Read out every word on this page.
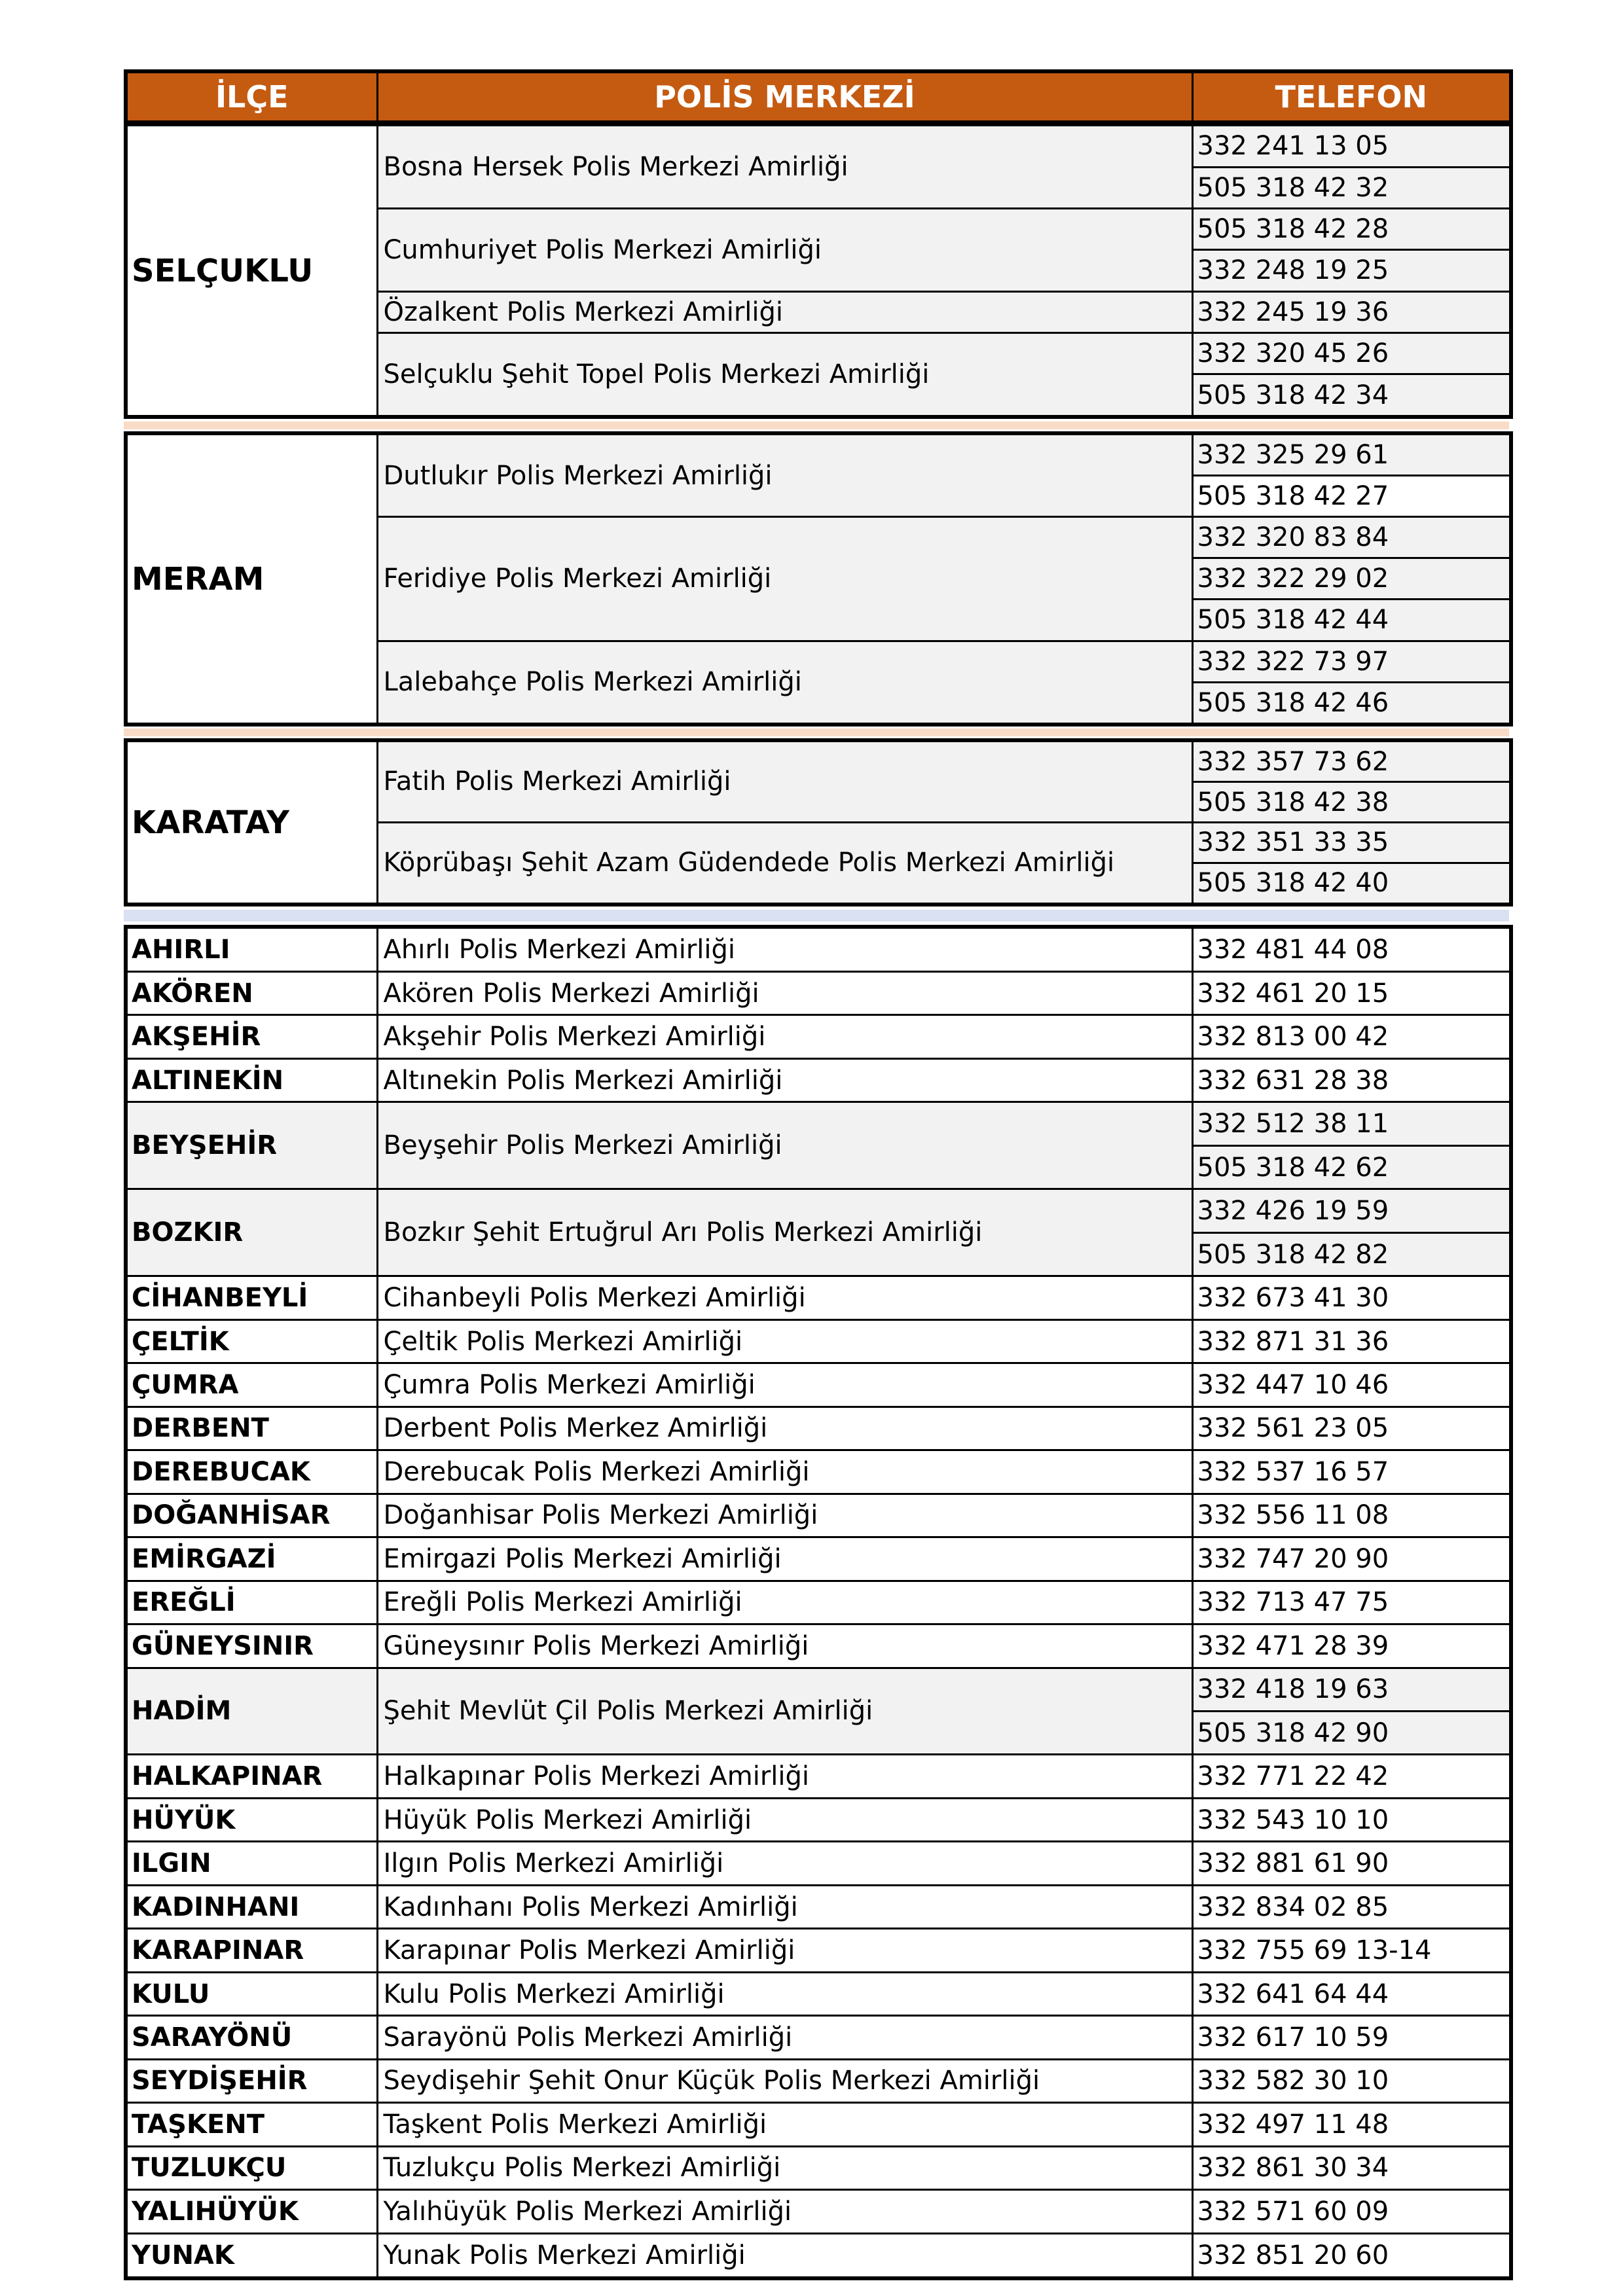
İLÇE	POLİS MERKEZİ	TELEFON
SELÇUKLU	Bosna Hersek Polis Merkezi Amirliği	332 241 13 05
		505 318 42 32
	Cumhuriyet Polis Merkezi Amirliği	505 318 42 28
		332 248 19 25
	Özalkent Polis Merkezi Amirliği	332 245 19 36
	Selçuklu Şehit Topel Polis Merkezi Amirliği	332 320 45 26
		505 318 42 34
MERAM	Dutlukır Polis Merkezi Amirliği	332 325 29 61
		505 318 42 27
	Feridiye Polis Merkezi Amirliği	332 320 83 84
		332 322 29 02
		505 318 42 44
	Lalebahçe Polis Merkezi Amirliği	332 322 73 97
		505 318 42 46
KARATAY	Fatih Polis Merkezi Amirliği	332 357 73 62
		505 318 42 38
	Köprübaşı Şehit Azam Güdendede Polis Merkezi Amirliği	332 351 33 35
		505 318 42 40
AHIRLI	Ahırlı Polis Merkezi Amirliği	332 481 44 08
AKÖREN	Akören Polis Merkezi Amirliği	332 461 20 15
AKŞEHİR	Akşehir Polis Merkezi Amirliği	332 813 00 42
ALTINEKİN	Altınekin Polis Merkezi Amirliği	332 631 28 38
BEYŞEHİR	Beyşehir Polis Merkezi Amirliği	332 512 38 11
		505 318 42 62
BOZKIR	Bozkır Şehit Ertuğrul Arı Polis Merkezi Amirliği	332 426 19 59
		505 318 42 82
CİHANBEYLİ	Cihanbeyli Polis Merkezi Amirliği	332 673 41 30
ÇELTİK	Çeltik Polis Merkezi Amirliği	332 871 31 36
ÇUMRA	Çumra Polis Merkezi Amirliği	332 447 10 46
DERBENT	Derbent Polis Merkez Amirliği	332 561 23 05
DEREBUCAK	Derebucak Polis Merkezi Amirliği	332 537 16 57
DOĞANHİSAR	Doğanhisar Polis Merkezi Amirliği	332 556 11 08
EMİRGAZİ	Emirgazi Polis Merkezi Amirliği	332 747 20 90
EREĞLİ	Ereğli Polis Merkezi Amirliği	332 713 47 75
GÜNEYSINIR	Güneysınır Polis Merkezi Amirliği	332 471 28 39
HADİM	Şehit Mevlüt Çil Polis Merkezi Amirliği	332 418 19 63
		505 318 42 90
HALKAPINAR	Halkapınar Polis Merkezi Amirliği	332 771 22 42
HÜYÜK	Hüyük Polis Merkezi Amirliği	332 543 10 10
ILGIN	Ilgın Polis Merkezi Amirliği	332 881 61 90
KADINHANI	Kadınhanı Polis Merkezi Amirliği	332 834 02 85
KARAPINAR	Karapınar Polis Merkezi Amirliği	332 755 69 13-14
KULU	Kulu Polis Merkezi Amirliği	332 641 64 44
SARAYÖNÜ	Sarayönü Polis Merkezi Amirliği	332 617 10 59
SEYDİŞEHİR	Seydişehir Şehit Onur Küçük Polis Merkezi Amirliği	332 582 30 10
TAŞKENT	Taşkent Polis Merkezi Amirliği	332 497 11 48
TUZLUKÇU	Tuzlukçu Polis Merkezi Amirliği	332 861 30 34
YALIHÜYÜK	Yalıhüyük Polis Merkezi Amirliği	332 571 60 09
YUNAK	Yunak Polis Merkezi Amirliği	332 851 20 60
